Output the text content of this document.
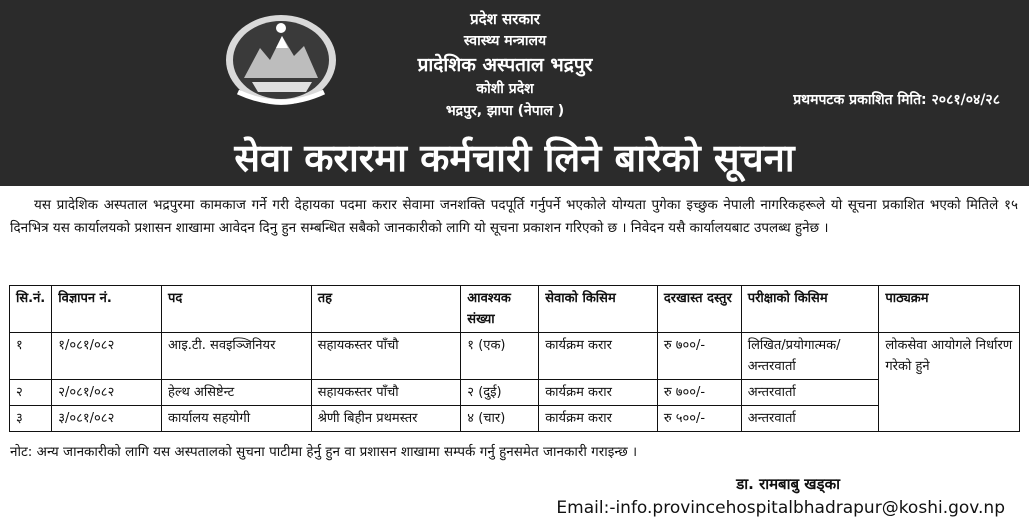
प्रदेश सरकार
स्वास्थ्य मन्त्रालय
प्रादेशिक अस्पताल भद्रपुर
कोशी प्रदेश
भद्रपुर, झापा (नेपाल )
प्रथमपटक प्रकाशित मिति: २०८१/०४/२८
सेवा करारमा कर्मचारी लिने बारेको सूचना
यस प्रादेशिक अस्पताल भद्रपुरमा कामकाज गर्ने गरी देहायका पदमा करार सेवामा जनशक्ति पदपूर्ति गर्नुपर्ने भएकोले योग्यता पुगेका इच्छुक नेपाली नागरिकहरूले यो सूचना प्रकाशित भएको मितिले १५ दिनभित्र यस कार्यालयको प्रशासन शाखामा आवेदन दिनु हुन सम्बन्धित सबैको जानकारीको लागि यो सूचना प्रकाशन गरिएको छ । निवेदन यसै कार्यालयबाट उपलब्ध हुनेछ ।
सि.नं.	विज्ञापन नं.	पद	तह	आवश्यक संख्या	सेवाको किसिम	दरखास्त दस्तुर	परीक्षाको किसिम	पाठ्यक्रम
१	१/०८१/०८२	आइ.टी. सवइञ्जिनियर	सहायकस्तर पाँचौ	१ (एक)	कार्यक्रम करार	रु ७००/-	लिखित/प्रयोगात्मक/अन्तरवार्ता	लोकसेवा आयोगले निर्धारण गरेको हुने
२	२/०८१/०८२	हेल्थ असिष्टेन्ट	सहायकस्तर पाँचौ	२ (दुई)	कार्यक्रम करार	रु ७००/-	अन्तरवार्ता	
३	३/०८१/०८२	कार्यालय सहयोगी	श्रेणी बिहीन प्रथमस्तर	४ (चार)	कार्यक्रम करार	रु ५००/-	अन्तरवार्ता	
नोट: अन्य जानकारीको लागि यस अस्पतालको सुचना पाटीमा हेर्नु हुन वा प्रशासन शाखामा सम्पर्क गर्नु हुनसमेत जानकारी गराइन्छ ।
डा. रामबाबु खड्का
Email:-info.provincehospitalbhadrapur@koshi.gov.np
